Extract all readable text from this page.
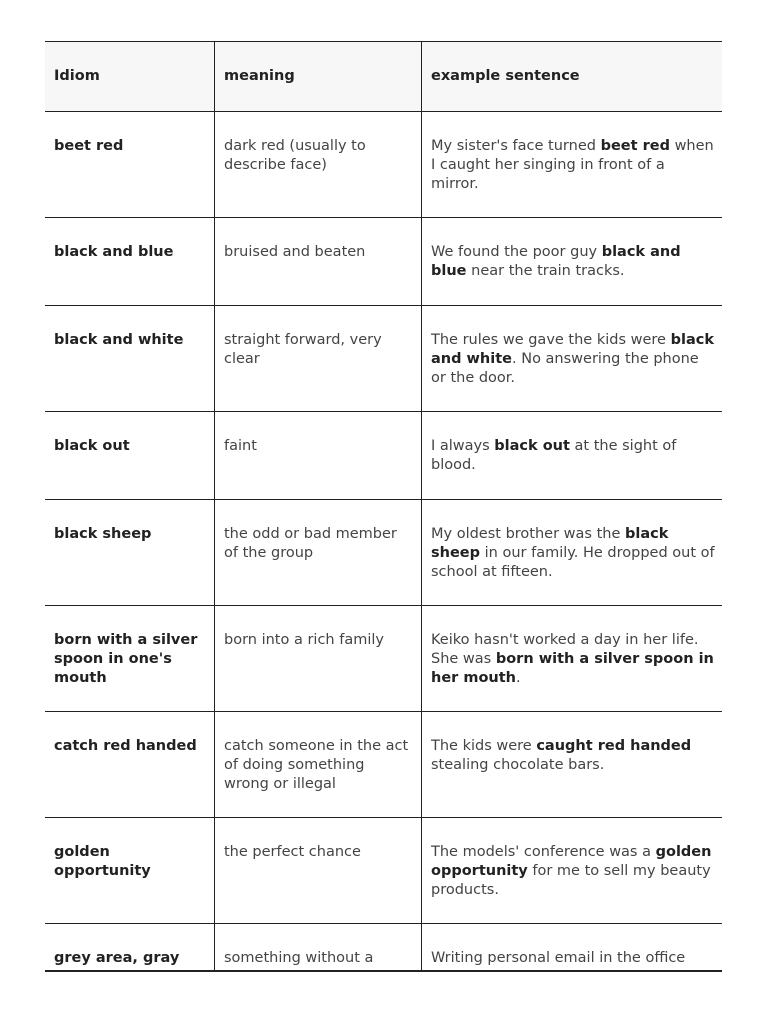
Idiom	meaning	example sentence
beet red	dark red (usually to describe face)	My sister's face turned beet red when I caught her singing in front of a mirror.
black and blue	bruised and beaten	We found the poor guy black and blue near the train tracks.
black and white	straight forward, very clear	The rules we gave the kids were black and white. No answering the phone or the door.
black out	faint	I always black out at the sight of blood.
black sheep	the odd or bad member of the group	My oldest brother was the black sheep in our family. He dropped out of school at fifteen.
born with a silver spoon in one's mouth	born into a rich family	Keiko hasn't worked a day in her life. She was born with a silver spoon in her mouth.
catch red handed	catch someone in the act of doing something wrong or illegal	The kids were caught red handed stealing chocolate bars.
golden opportunity	the perfect chance	The models' conference was a golden opportunity for me to sell my beauty products.
grey area, gray	something without a	Writing personal email in the office
